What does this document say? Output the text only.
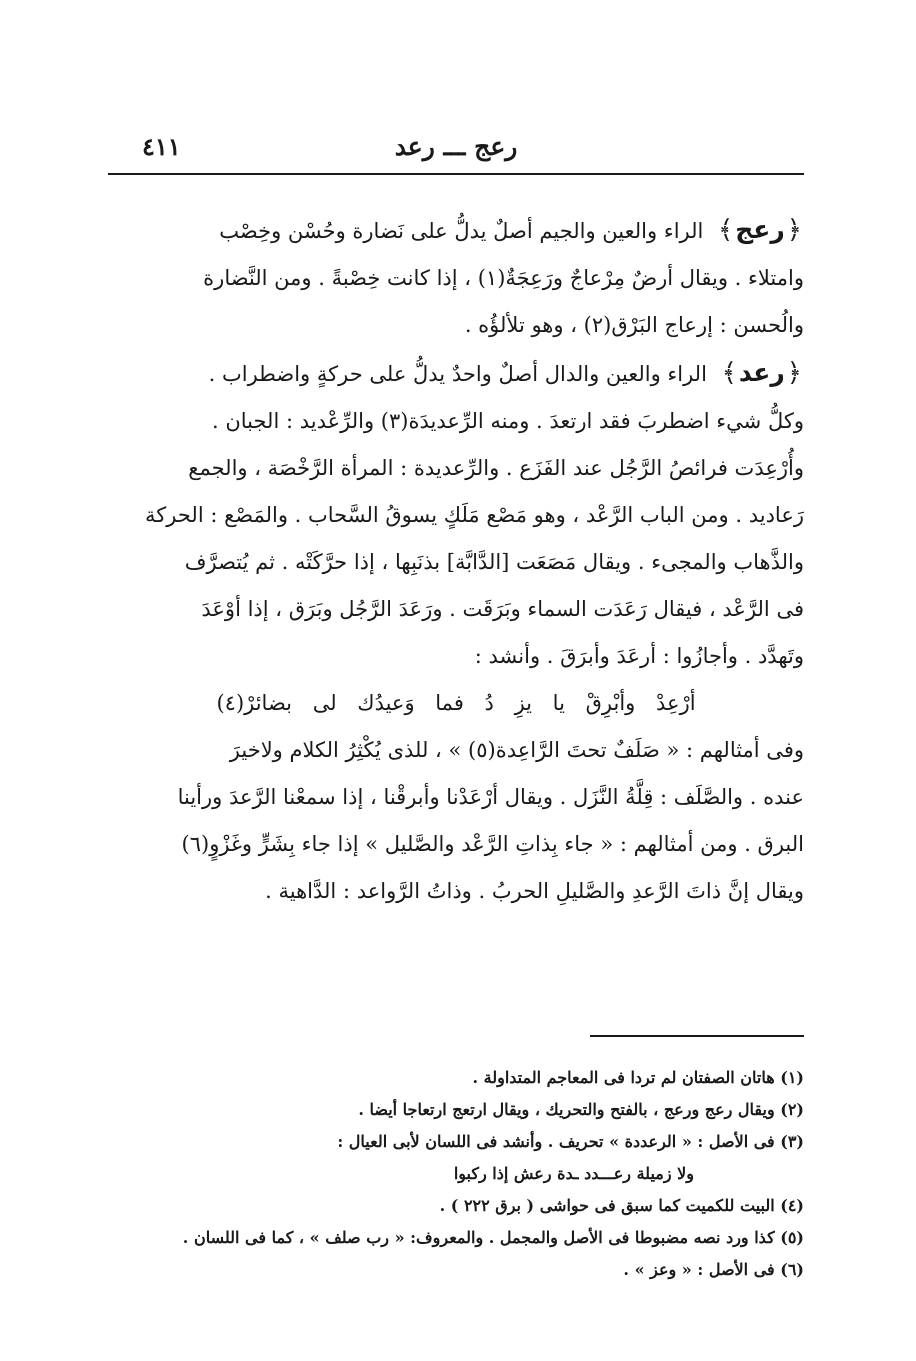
رعج ـــ رعد
٤١١

﴿رعج﴾ الراء والعين والجيم أصلٌ يدلُّ على نَضارة وحُسْن وخِصْب

وامتلاء . ويقال أرضٌ مِرْعاجٌ ورَعِجَةٌ(١) ، إذا كانت خِصْبةً . ومن النَّضارة

والُحسن : إرعاج البَرْق(٢) ، وهو تلألؤُه .

﴿رعد﴾ الراء والعين والدال أصلٌ واحدٌ يدلُّ على حركةٍ واضطراب .

وكلُّ شيء اضطربَ فقد ارتعدَ . ومنه الرِّعديدَة(٣) والرِّعْديد : الجبان .

وأُرْعِدَت فرائصُ الرَّجُل عند الفَزَع . والرِّعديدة : المرأة الرَّخْصَة ، والجمع

رَعاديد . ومن الباب الرَّعْد ، وهو مَصْع مَلَكٍ يسوقُ السَّحاب . والمَصْع : الحركة

والذَّهاب والمجىء . ويقال مَصَعَت [الدَّابَّة] بذنَبِها ، إذا حرَّكَتْه . ثم يُتصرَّف

فى الرَّعْد ، فيقال رَعَدَت السماء وبَرَقَت . ورَعَدَ الرَّجُل وبَرَق ، إذا أوْعَدَ

وتَهدَّد . وأجازُوا : أرعَدَ وأبرَقَ . وأنشد :

أرْعِدْ وأبْرِقْ يا يزِ دُ فما وَعيدُك لى بضائرْ(٤)

وفى أمثالهم : « صَلَفٌ تحتَ الرَّاعِدة(٥) » ، للذى يُكْثِرُ الكلام ولاخيرَ

عنده . والصَّلَف : قِلَّةُ النَّزَل . ويقال أرْعَدْنا وأبرقْنا ، إذا سمعْنا الرَّعدَ ورأينا

البرق . ومن أمثالهم : « جاء بِذاتِ الرَّعْد والصَّليل » إذا جاء بِشَرٍّ وغَزْوٍ(٦)

ويقال إنَّ ذاتَ الرَّعدِ والصَّليلِ الحربُ . وذاتُ الرَّواعد : الدَّاهية .

(١) هاتان الصفتان لم تردا فى المعاجم المتداولة .

(٢) ويقال رعج ورعج ، بالفتح والتحريك ، ويقال ارتعج ارتعاجا أيضا .

(٣) فى الأصل : « الرعددة » تحريف . وأنشد فى اللسان لأبى العيال :

ولا زميلة رعـــدد ـدة رعش إذا ركبوا

(٤) البيت للكميت كما سبق فى حواشى ( برق ٢٢٢ ) .

(٥) كذا ورد نصه مضبوطا فى الأصل والمجمل . والمعروف: « رب صلف » ، كما فى اللسان .

(٦) فى الأصل : « وعز » .
